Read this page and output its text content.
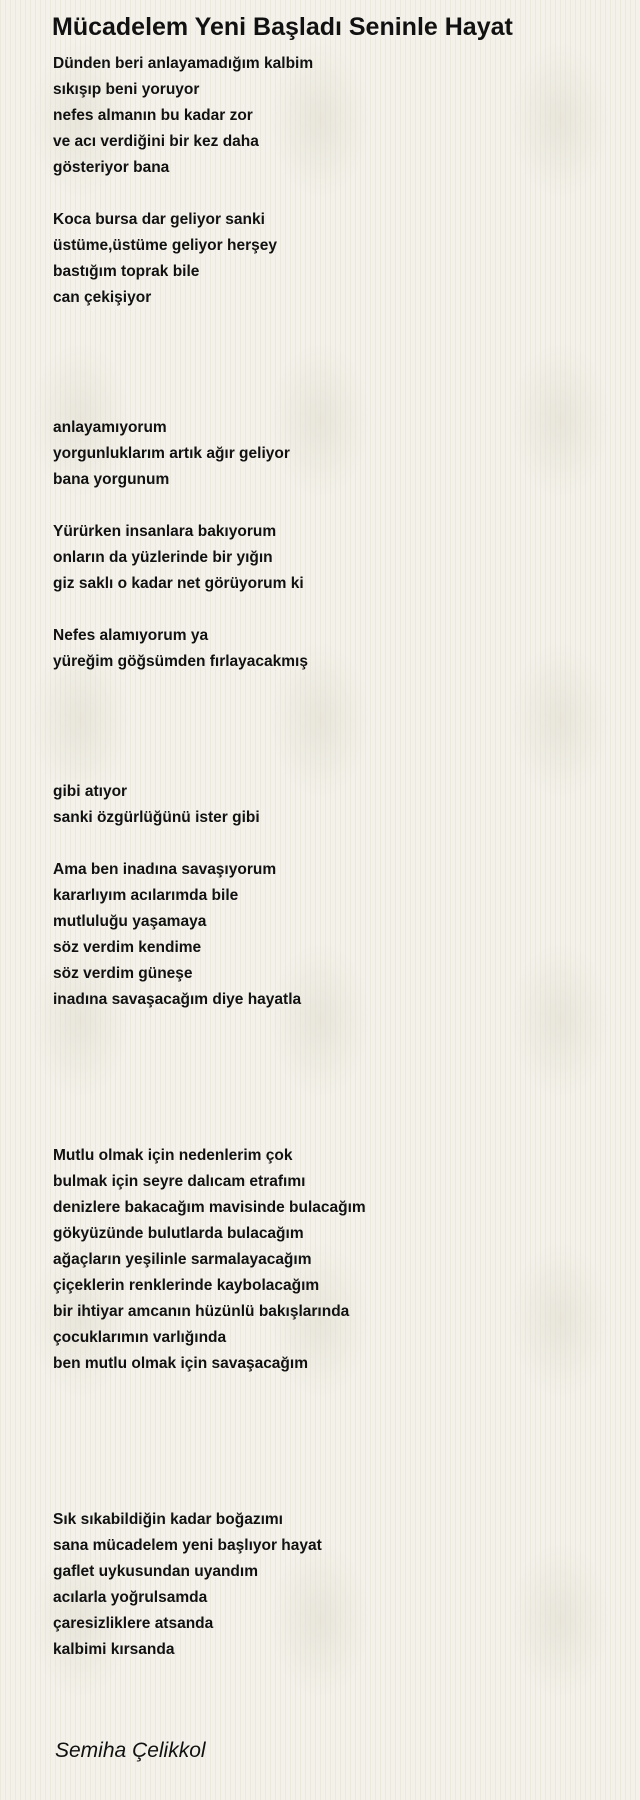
Mücadelem Yeni Başladı Seninle Hayat
Dünden beri anlayamadığım kalbim
sıkışıp beni yoruyor
nefes almanın bu kadar zor
ve acı verdiğini bir kez daha
gösteriyor bana
Koca bursa dar geliyor sanki
üstüme,üstüme geliyor herşey
bastığım toprak bile
can çekişiyor
anlayamıyorum
yorgunluklarım artık ağır geliyor
bana yorgunum
Yürürken insanlara bakıyorum
onların da yüzlerinde bir yığın
giz saklı o kadar net görüyorum ki
Nefes alamıyorum ya
yüreğim göğsümden fırlayacakmış
gibi atıyor
sanki özgürlüğünü ister gibi
Ama ben inadına savaşıyorum
kararlıyım acılarımda bile
mutluluğu yaşamaya
söz verdim kendime
söz verdim güneşe
inadına savaşacağım diye hayatla
Mutlu olmak için nedenlerim çok
bulmak için seyre dalıcam etrafımı
denizlere bakacağım mavisinde bulacağım
gökyüzünde bulutlarda bulacağım
ağaçların yeşilinle sarmalayacağım
çiçeklerin renklerinde kaybolacağım
bir ihtiyar amcanın hüzünlü bakışlarında
çocuklarımın varlığında
ben mutlu olmak için savaşacağım
Sık sıkabildiğin kadar boğazımı
sana mücadelem yeni başlıyor hayat
gaflet uykusundan uyandım
acılarla yoğrulsamda
çaresizliklere atsanda
kalbimi kırsanda
Semiha Çelikkol
